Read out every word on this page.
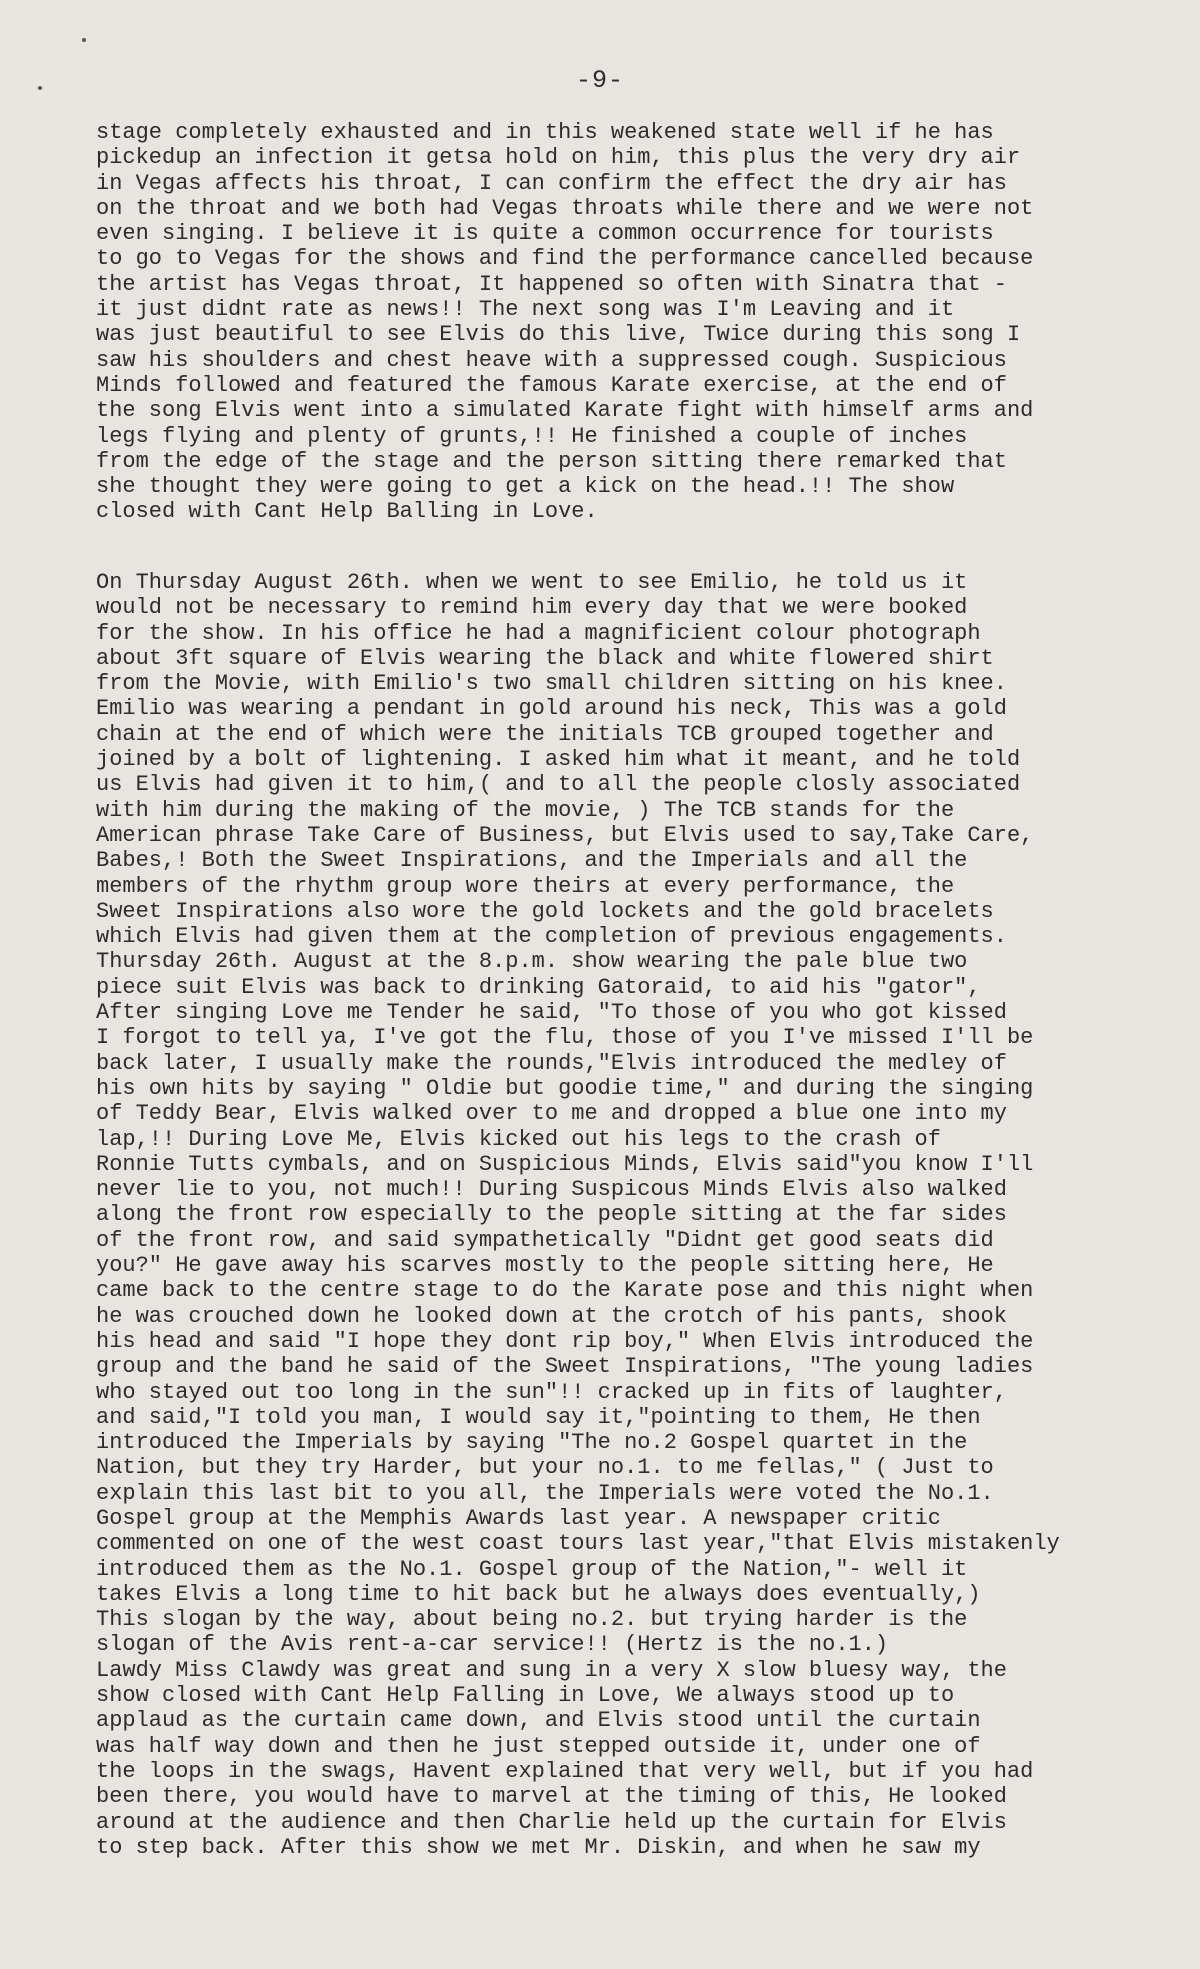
-9-
stage completely exhausted and in this weakened state well if he has
pickedup an infection it getsa hold on him, this plus the very dry air
in Vegas affects his throat, I can confirm the effect the dry air has
on the throat and we both had Vegas throats while there and we were not
even singing. I believe it is quite a common occurrence for tourists
to go to Vegas for the shows and find the performance cancelled because
the artist has Vegas throat, It happened so often with Sinatra that -
it just didnt rate as news!! The next song was I'm Leaving and it
was just beautiful to see Elvis do this live, Twice during this song I
saw his shoulders and chest heave with a suppressed cough. Suspicious
Minds followed and featured the famous Karate exercise, at the end of
the song Elvis went into a simulated Karate fight with himself arms and
legs flying and plenty of grunts,!! He finished a couple of inches
from the edge of the stage and the person sitting there remarked that
she thought they were going to get a kick on the head.!! The show
closed with Cant Help Balling in Love.
On Thursday August 26th. when we went to see Emilio, he told us it
would not be necessary to remind him every day that we were booked
for the show. In his office he had a magnificient colour photograph
about 3ft square of Elvis wearing the black and white flowered shirt
from the Movie, with Emilio's two small children sitting on his knee.
Emilio was wearing a pendant in gold around his neck, This was a gold
chain at the end of which were the initials TCB grouped together and
joined by a bolt of lightening. I asked him what it meant, and he told
us Elvis had given it to him,( and to all the people closly associated
with him during the making of the movie, ) The TCB stands for the
American phrase Take Care of Business, but Elvis used to say,Take Care,
Babes,! Both the Sweet Inspirations, and the Imperials and all the
members of the rhythm group wore theirs at every performance, the
Sweet Inspirations also wore the gold lockets and the gold bracelets
which Elvis had given them at the completion of previous engagements.
Thursday 26th. August at the 8.p.m. show wearing the pale blue two
piece suit Elvis was back to drinking Gatoraid, to aid his "gator",
After singing Love me Tender he said, "To those of you who got kissed
I forgot to tell ya, I've got the flu, those of you I've missed I'll be
back later, I usually make the rounds,"Elvis introduced the medley of
his own hits by saying " Oldie but goodie time," and during the singing
of Teddy Bear, Elvis walked over to me and dropped a blue one into my
lap,!! During Love Me, Elvis kicked out his legs to the crash of
Ronnie Tutts cymbals, and on Suspicious Minds, Elvis said"you know I'll
never lie to you, not much!! During Suspicous Minds Elvis also walked
along the front row especially to the people sitting at the far sides
of the front row, and said sympathetically "Didnt get good seats did
you?" He gave away his scarves mostly to the people sitting here, He
came back to the centre stage to do the Karate pose and this night when
he was crouched down he looked down at the crotch of his pants, shook
his head and said "I hope they dont rip boy," When Elvis introduced the
group and the band he said of the Sweet Inspirations, "The young ladies
who stayed out too long in the sun"!! cracked up in fits of laughter,
and said,"I told you man, I would say it,"pointing to them, He then
introduced the Imperials by saying "The no.2 Gospel quartet in the
Nation, but they try Harder, but your no.1. to me fellas," ( Just to
explain this last bit to you all, the Imperials were voted the No.1.
Gospel group at the Memphis Awards last year. A newspaper critic
commented on one of the west coast tours last year,"that Elvis mistakenly
introduced them as the No.1. Gospel group of the Nation,"- well it
takes Elvis a long time to hit back but he always does eventually,)
This slogan by the way, about being no.2. but trying harder is the
slogan of the Avis rent-a-car service!! (Hertz is the no.1.)
Lawdy Miss Clawdy was great and sung in a very X slow bluesy way, the
show closed with Cant Help Falling in Love, We always stood up to
applaud as the curtain came down, and Elvis stood until the curtain
was half way down and then he just stepped outside it, under one of
the loops in the swags, Havent explained that very well, but if you had
been there, you would have to marvel at the timing of this, He looked
around at the audience and then Charlie held up the curtain for Elvis
to step back. After this show we met Mr. Diskin, and when he saw my
